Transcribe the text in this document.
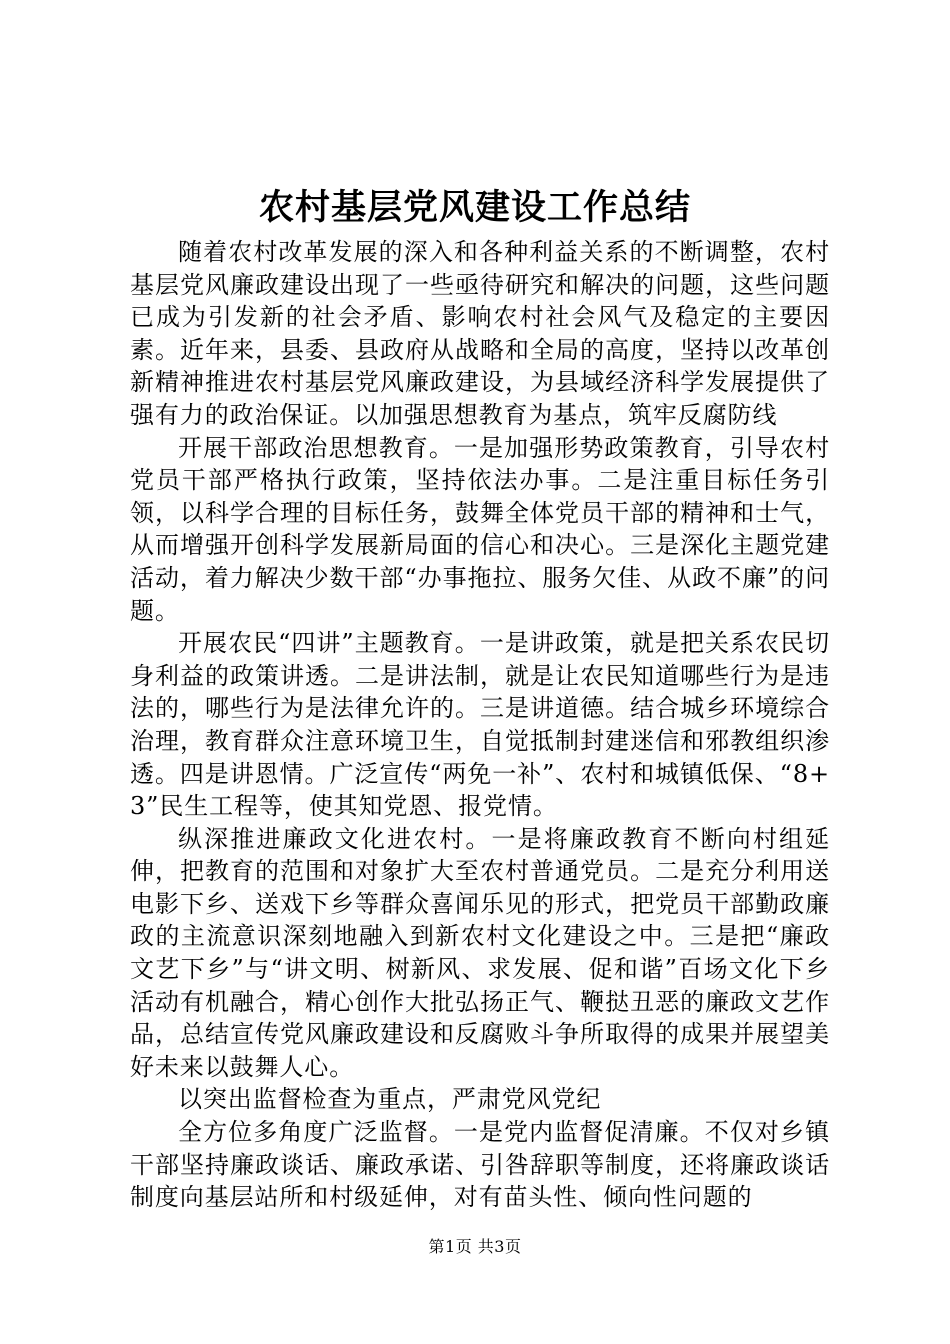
农村基层党风建设工作总结

随着农村改革发展的深入和各种利益关系的不断调整，农村基层党风廉政建设出现了一些亟待研究和解决的问题，这些问题已成为引发新的社会矛盾、影响农村社会风气及稳定的主要因素。近年来，县委、县政府从战略和全局的高度，坚持以改革创新精神推进农村基层党风廉政建设，为县域经济科学发展提供了强有力的政治保证。以加强思想教育为基点，筑牢反腐防线

开展干部政治思想教育。一是加强形势政策教育，引导农村党员干部严格执行政策，坚持依法办事。二是注重目标任务引领，以科学合理的目标任务，鼓舞全体党员干部的精神和士气，从而增强开创科学发展新局面的信心和决心。三是深化主题党建活动，着力解决少数干部“办事拖拉、服务欠佳、从政不廉”的问题。

开展农民“四讲”主题教育。一是讲政策，就是把关系农民切身利益的政策讲透。二是讲法制，就是让农民知道哪些行为是违法的，哪些行为是法律允许的。三是讲道德。结合城乡环境综合治理，教育群众注意环境卫生，自觉抵制封建迷信和邪教组织渗透。四是讲恩情。广泛宣传“两免一补”、农村和城镇低保、“8+3”民生工程等，使其知党恩、报党情。

纵深推进廉政文化进农村。一是将廉政教育不断向村组延伸，把教育的范围和对象扩大至农村普通党员。二是充分利用送电影下乡、送戏下乡等群众喜闻乐见的形式，把党员干部勤政廉政的主流意识深刻地融入到新农村文化建设之中。三是把“廉政文艺下乡”与“讲文明、树新风、求发展、促和谐”百场文化下乡活动有机融合，精心创作大批弘扬正气、鞭挞丑恶的廉政文艺作品，总结宣传党风廉政建设和反腐败斗争所取得的成果并展望美好未来以鼓舞人心。

以突出监督检查为重点，严肃党风党纪

全方位多角度广泛监督。一是党内监督促清廉。不仅对乡镇干部坚持廉政谈话、廉政承诺、引咎辞职等制度，还将廉政谈话制度向基层站所和村级延伸，对有苗头性、倾向性问题的

第1页 共3页
